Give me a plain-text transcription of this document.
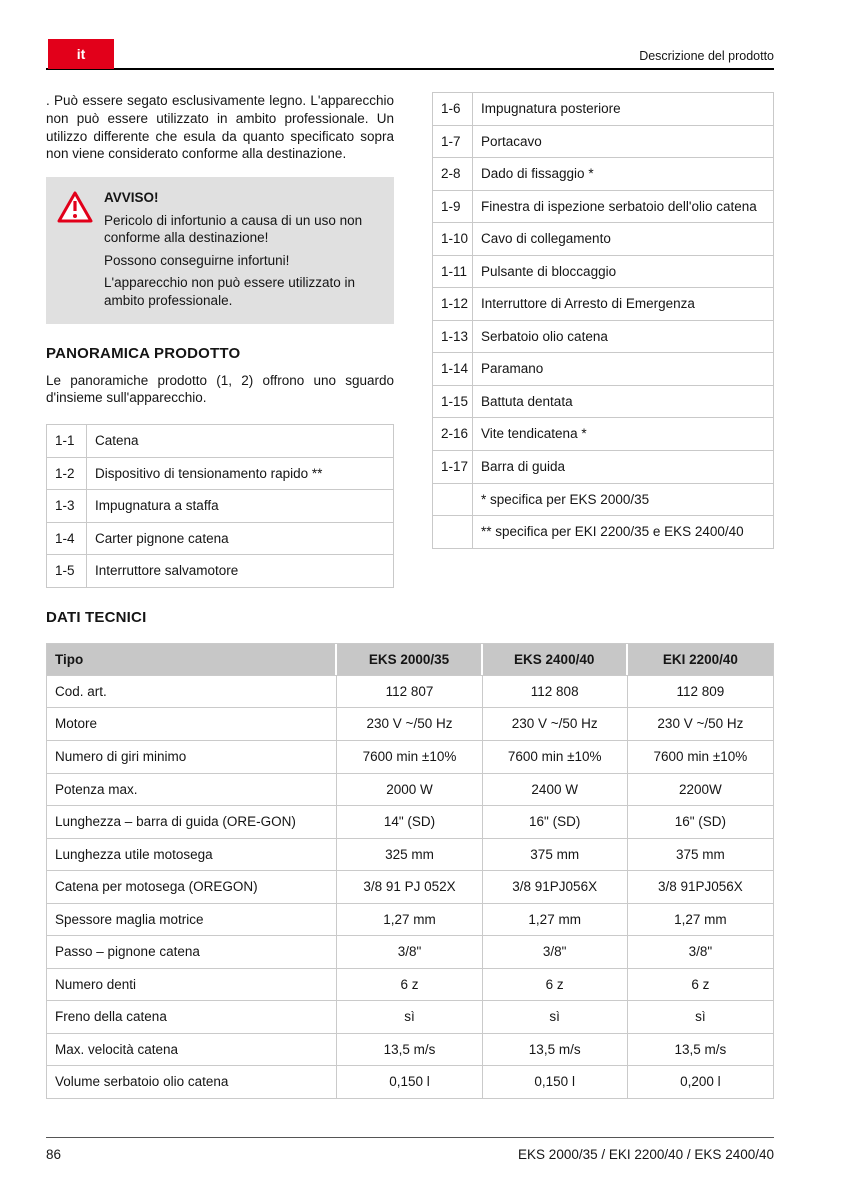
it	Descrizione del prodotto

. Può essere segato esclusivamente legno. L'apparecchio non può essere utilizzato in ambito professionale. Un utilizzo differente che esula da quanto specificato sopra non viene considerato conforme alla destinazione.

AVVISO!

Pericolo di infortunio a causa di un uso non conforme alla destinazione!

Possono conseguirne infortuni!

L'apparecchio non può essere utilizzato in ambito professionale.

PANORAMICA PRODOTTO

Le panoramiche prodotto (1, 2) offrono uno sguardo d'insieme sull'apparecchio.

1-1	Catena
1-2	Dispositivo di tensionamento rapido **
1-3	Impugnatura a staffa
1-4	Carter pignone catena
1-5	Interruttore salvamotore
1-6	Impugnatura posteriore
1-7	Portacavo
2-8	Dado di fissaggio *
1-9	Finestra di ispezione serbatoio dell'olio catena
1-10	Cavo di collegamento
1-11	Pulsante di bloccaggio
1-12	Interruttore di Arresto di Emergenza
1-13	Serbatoio olio catena
1-14	Paramano
1-15	Battuta dentata
2-16	Vite tendicatena *
1-17	Barra di guida
	* specifica per EKS 2000/35
	** specifica per EKI 2200/35 e EKS 2400/40
DATI TECNICI
Tipo	EKS 2000/35	EKS 2400/40	EKI 2200/40
Cod. art.	112 807	112 808	112 809
Motore	230 V ~/50 Hz	230 V ~/50 Hz	230 V ~/50 Hz
Numero di giri minimo	7600 min ±10%	7600 min ±10%	7600 min ±10%
Potenza max.	2000 W	2400 W	2200W
Lunghezza – barra di guida (ORE-GON)	14" (SD)	16" (SD)	16" (SD)
Lunghezza utile motosega	325 mm	375 mm	375 mm
Catena per motosega (OREGON)	3/8 91 PJ 052X	3/8 91PJ056X	3/8 91PJ056X
Spessore maglia motrice	1,27 mm	1,27 mm	1,27 mm
Passo – pignone catena	3/8"	3/8"	3/8"
Numero denti	6 z	6 z	6 z
Freno della catena	sì	sì	sì
Max. velocità catena	13,5 m/s	13,5 m/s	13,5 m/s
Volume serbatoio olio catena	0,150 l	0,150 l	0,200 l
86	EKS 2000/35 / EKI 2200/40 / EKS 2400/40
